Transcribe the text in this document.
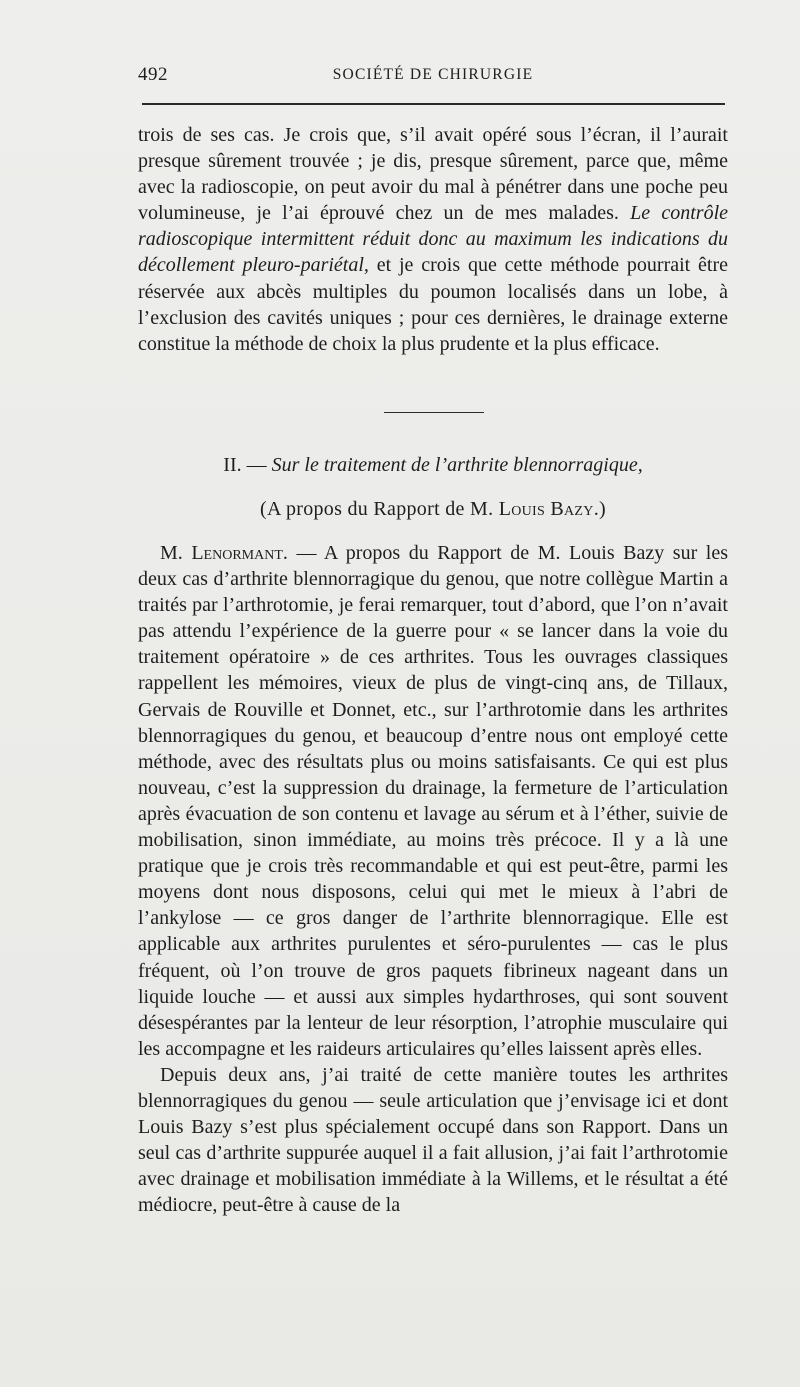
492	SOCIÉTÉ DE CHIRURGIE

trois de ses cas. Je crois que, s’il avait opéré sous l’écran, il l’aurait presque sûrement trouvée ; je dis, presque sûrement, parce que, même avec la radioscopie, on peut avoir du mal à pénétrer dans une poche peu volumineuse, je l’ai éprouvé chez un de mes malades. Le contrôle radioscopique intermittent réduit donc au maximum les indications du décollement pleuro-pariétal, et je crois que cette méthode pourrait être réservée aux abcès multiples du poumon localisés dans un lobe, à l’exclusion des cavités uniques ; pour ces dernières, le drainage externe constitue la méthode de choix la plus prudente et la plus efficace.

II. — Sur le traitement de l’arthrite blennorragique,
(A propos du Rapport de M. Louis Bazy.)

M. Lenormant. — A propos du Rapport de M. Louis Bazy sur les deux cas d’arthrite blennorragique du genou, que notre collègue Martin a traités par l’arthrotomie, je ferai remarquer, tout d’abord, que l’on n’avait pas attendu l’expérience de la guerre pour « se lancer dans la voie du traitement opératoire » de ces arthrites. Tous les ouvrages classiques rappellent les mémoires, vieux de plus de vingt-cinq ans, de Tillaux, Gervais de Rouville et Donnet, etc., sur l’arthrotomie dans les arthrites blennorragiques du genou, et beaucoup d’entre nous ont employé cette méthode, avec des résultats plus ou moins satisfaisants. Ce qui est plus nouveau, c’est la suppression du drainage, la fermeture de l’articulation après évacuation de son contenu et lavage au sérum et à l’éther, suivie de mobilisation, sinon immédiate, au moins très précoce. Il y a là une pratique que je crois très recommandable et qui est peut-être, parmi les moyens dont nous disposons, celui qui met le mieux à l’abri de l’ankylose — ce gros danger de l’arthrite blennorragique. Elle est applicable aux arthrites purulentes et séro-purulentes — cas le plus fréquent, où l’on trouve de gros paquets fibrineux nageant dans un liquide louche — et aussi aux simples hydarthroses, qui sont souvent désespérantes par la lenteur de leur résorption, l’atrophie musculaire qui les accompagne et les raideurs articulaires qu’elles laissent après elles.

Depuis deux ans, j’ai traité de cette manière toutes les arthrites blennorragiques du genou — seule articulation que j’envisage ici et dont Louis Bazy s’est plus spécialement occupé dans son Rapport. Dans un seul cas d’arthrite suppurée auquel il a fait allusion, j’ai fait l’arthrotomie avec drainage et mobilisation immédiate à la Willems, et le résultat a été médiocre, peut-être à cause de la
